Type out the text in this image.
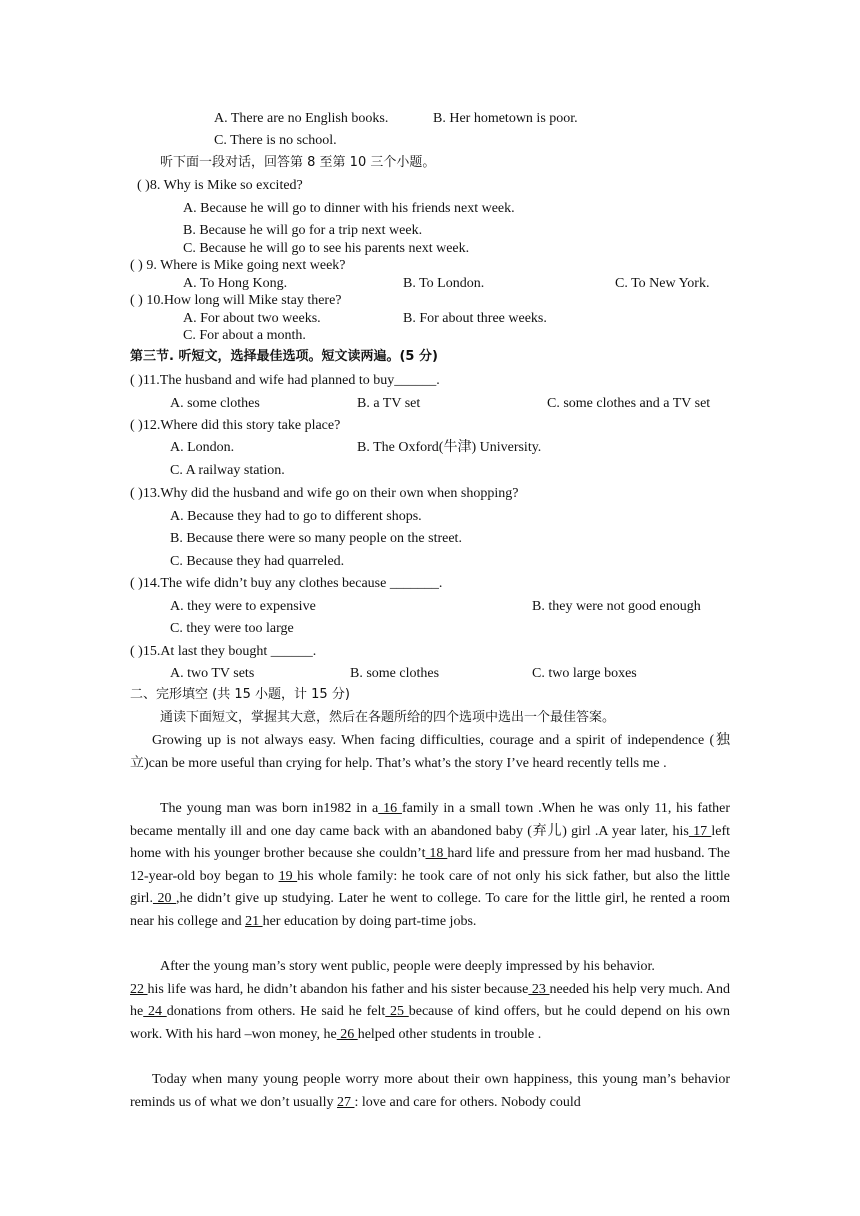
A. There are no English books.	B. Her hometown is poor.
C. There is no school.
听下面一段对话，回答第 8 至第 10 三个小题。
( )8. Why is Mike so excited?
A. Because he will go to dinner with his friends next week.
B. Because he will go for a trip next week.
C. Because he will go to see his parents next week.
( ) 9. Where is Mike going next week?
A. To Hong Kong.	B. To London.	C. To New York.
( ) 10.How long will Mike stay there?
A. For about two weeks.	B. For about three weeks.
C. For about a month.
第三节. 听短文，选择最佳选项。短文读两遍。(5 分)
( )11.The husband and wife had planned to buy______.
A. some clothes	B. a TV set	C. some clothes and a TV set
( )12.Where did this story take place?
A. London.	B. The Oxford(牛津) University.
C. A railway station.
( )13.Why did the husband and wife go on their own when shopping?
A. Because they had to go to different shops.
B. Because there were so many people on the street.
C. Because they had quarreled.
( )14.The wife didn’t buy any clothes because _______.
A. they were to expensive	B. they were not good enough
C. they were too large
( )15.At last they bought ______.
A. two TV sets	B. some clothes	C. two large boxes
二、完形填空 (共 15 小题，计 15 分)
通读下面短文，掌握其大意，然后在各题所给的四个选项中选出一个最佳答案。

Growing up is not always easy. When facing difficulties, courage and a spirit of independence (独立)can be more useful than crying for help. That’s what’s the story I’ve heard recently tells me .

The young man was born in1982 in a 16 family in a small town .When he was only 11, his father became mentally ill and one day came back with an abandoned baby (弃儿) girl .A year later, his 17 left home with his younger brother because she couldn’t 18 hard life and pressure from her mad husband. The 12-year-old boy began to 19 his whole family: he took care of not only his sick father, but also the little girl. 20 ,he didn’t give up studying. Later he went to college. To care for the little girl, he rented a room near his college and 21 her education by doing part-time jobs.

After the young man’s story went public, people were deeply impressed by his behavior.
22 his life was hard, he didn’t abandon his father and his sister because 23 needed his help very much. And he 24 donations from others. He said he felt 25 because of kind offers, but he could depend on his own work. With his hard –won money, he 26 helped other students in trouble .

Today when many young people worry more about their own happiness, this young man’s behavior reminds us of what we don’t usually 27 : love and care for others. Nobody could
